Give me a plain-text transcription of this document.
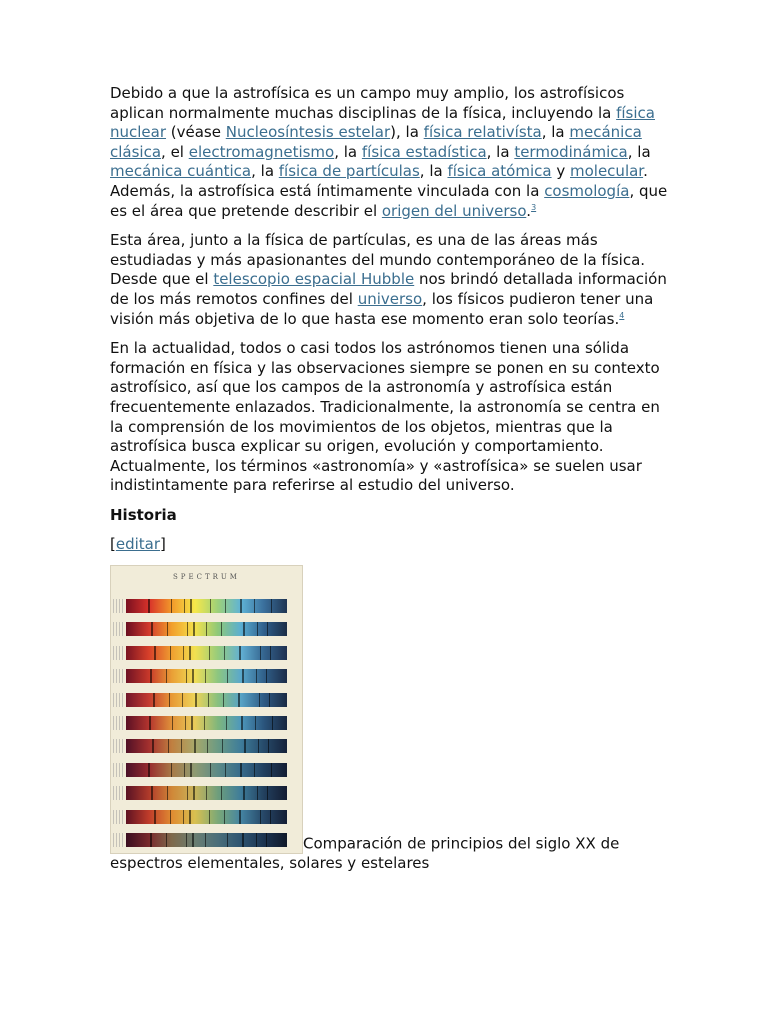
Debido a que la astrofísica es un campo muy amplio, los astrofísicos aplican normalmente muchas disciplinas de la física, incluyendo la física nuclear (véase Nucleosíntesis estelar), la física relativísta, la mecánica clásica, el electromagnetismo, la física estadística, la termodinámica, la mecánica cuántica, la física de partículas, la física atómica y molecular. Además, la astrofísica está íntimamente vinculada con la cosmología, que es el área que pretende describir el origen del universo.$^3$

Esta área, junto a la física de partículas, es una de las áreas más estudiadas y más apasionantes del mundo contemporáneo de la física. Desde que el telescopio espacial Hubble nos brindó detallada información de los más remotos confines del universo, los físicos pudieron tener una visión más objetiva de lo que hasta ese momento eran solo teorías.$^4$

En la actualidad, todos o casi todos los astrónomos tienen una sólida formación en física y las observaciones siempre se ponen en su contexto astrofísico, así que los campos de la astronomía y astrofísica están frecuentemente enlazados. Tradicionalmente, la astronomía se centra en la comprensión de los movimientos de los objetos, mientras que la astrofísica busca explicar su origen, evolución y comportamiento. Actualmente, los términos «astronomía» y «astrofísica» se suelen usar indistintamente para referirse al estudio del universo.

Historia

[editar]

SPECTRUM
Comparación de principios del siglo XX de espectros elementales, solares y estelares
